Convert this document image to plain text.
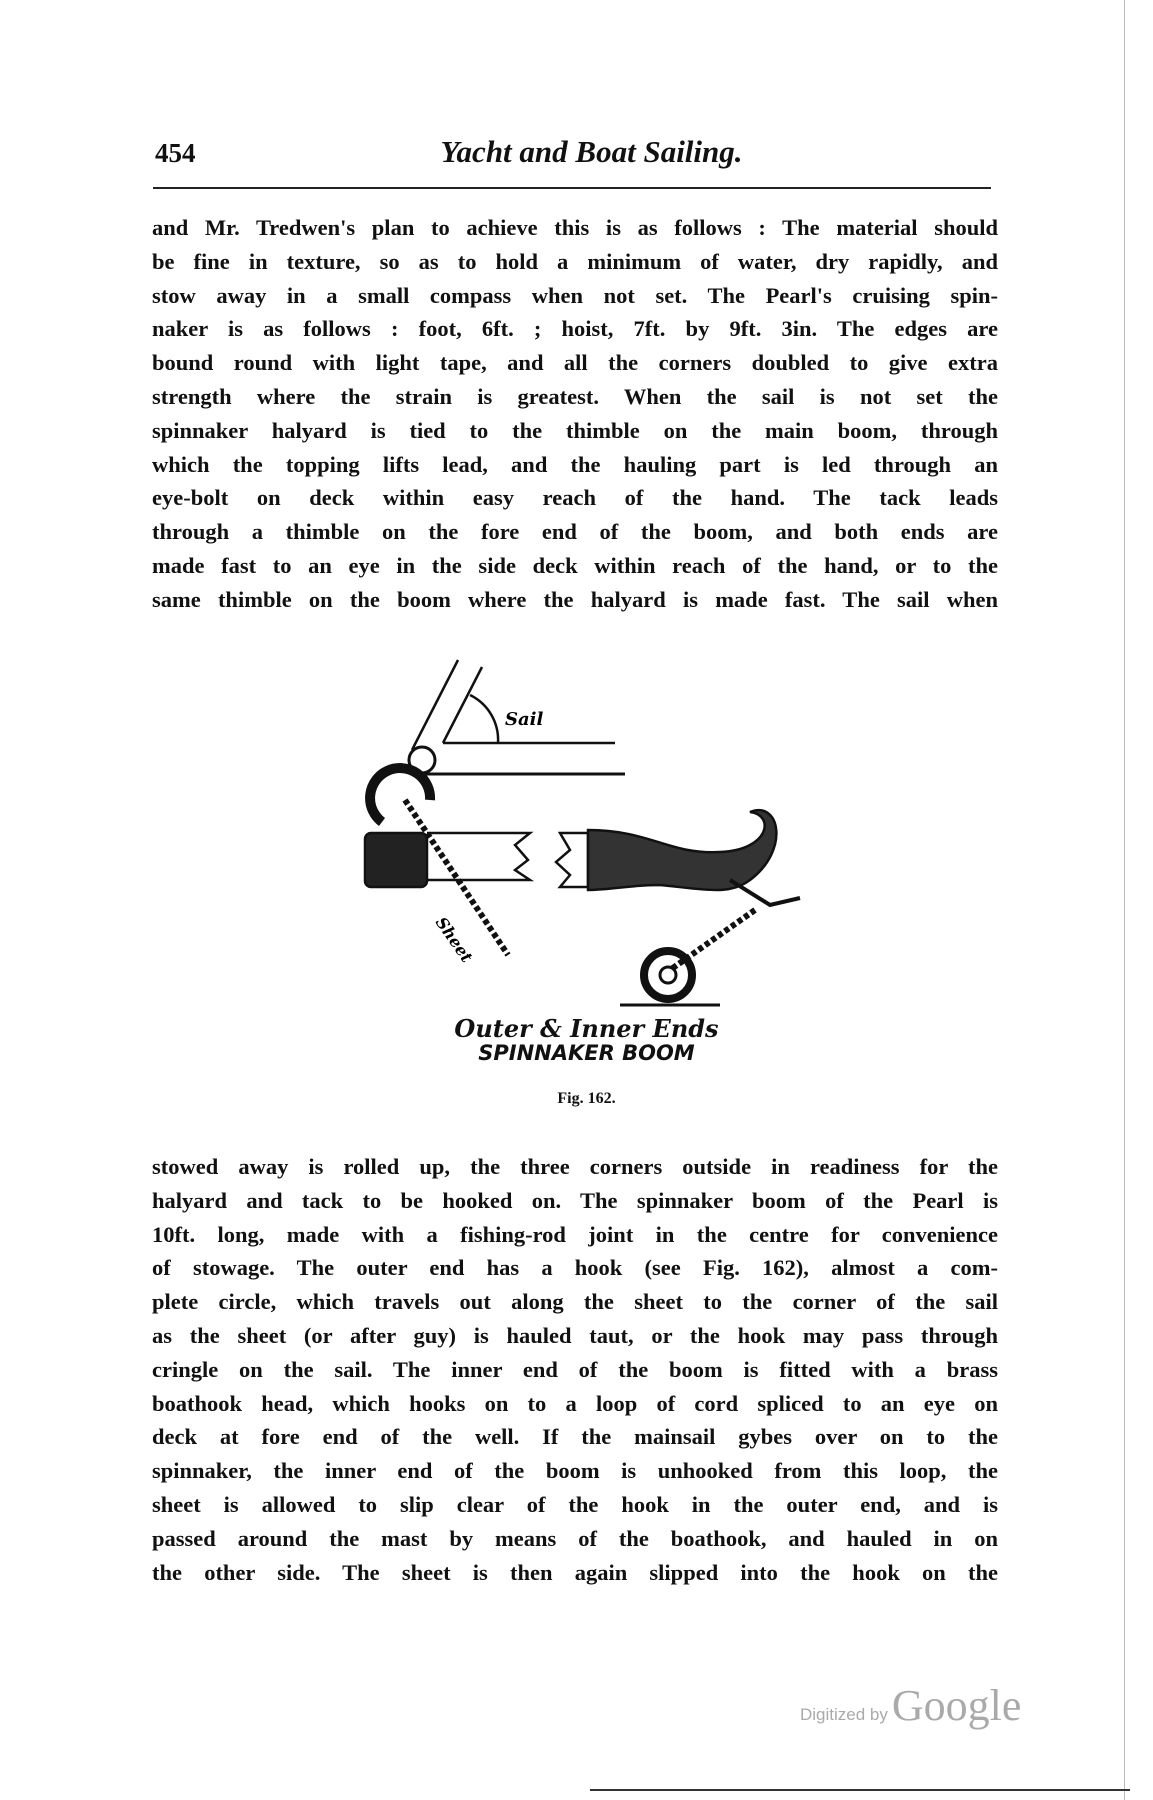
454	Yacht and Boat Sailing.
and Mr. Tredwen's plan to achieve this is as follows : The material should
be fine in texture, so as to hold a minimum of water, dry rapidly, and
stow away in a small compass when not set. The Pearl's cruising spin-
naker is as follows : foot, 6ft. ; hoist, 7ft. by 9ft. 3in. The edges are
bound round with light tape, and all the corners doubled to give extra
strength where the strain is greatest. When the sail is not set the
spinnaker halyard is tied to the thimble on the main boom, through
which the topping lifts lead, and the hauling part is led through an
eye-bolt on deck within easy reach of the hand. The tack leads
through a thimble on the fore end of the boom, and both ends are
made fast to an eye in the side deck within reach of the hand, or to the
same thimble on the boom where the halyard is made fast. The sail when
Sail
Sheet
Outer & Inner Ends
SPINNAKER BOOM
Fig. 162.
stowed away is rolled up, the three corners outside in readiness for the
halyard and tack to be hooked on. The spinnaker boom of the Pearl is
10ft. long, made with a fishing-rod joint in the centre for convenience
of stowage. The outer end has a hook (see Fig. 162), almost a com-
plete circle, which travels out along the sheet to the corner of the sail
as the sheet (or after guy) is hauled taut, or the hook may pass through
cringle on the sail. The inner end of the boom is fitted with a brass
boathook head, which hooks on to a loop of cord spliced to an eye on
deck at fore end of the well. If the mainsail gybes over on to the
spinnaker, the inner end of the boom is unhooked from this loop, the
sheet is allowed to slip clear of the hook in the outer end, and is
passed around the mast by means of the boathook, and hauled in on
the other side. The sheet is then again slipped into the hook on the
Digitized by Google
